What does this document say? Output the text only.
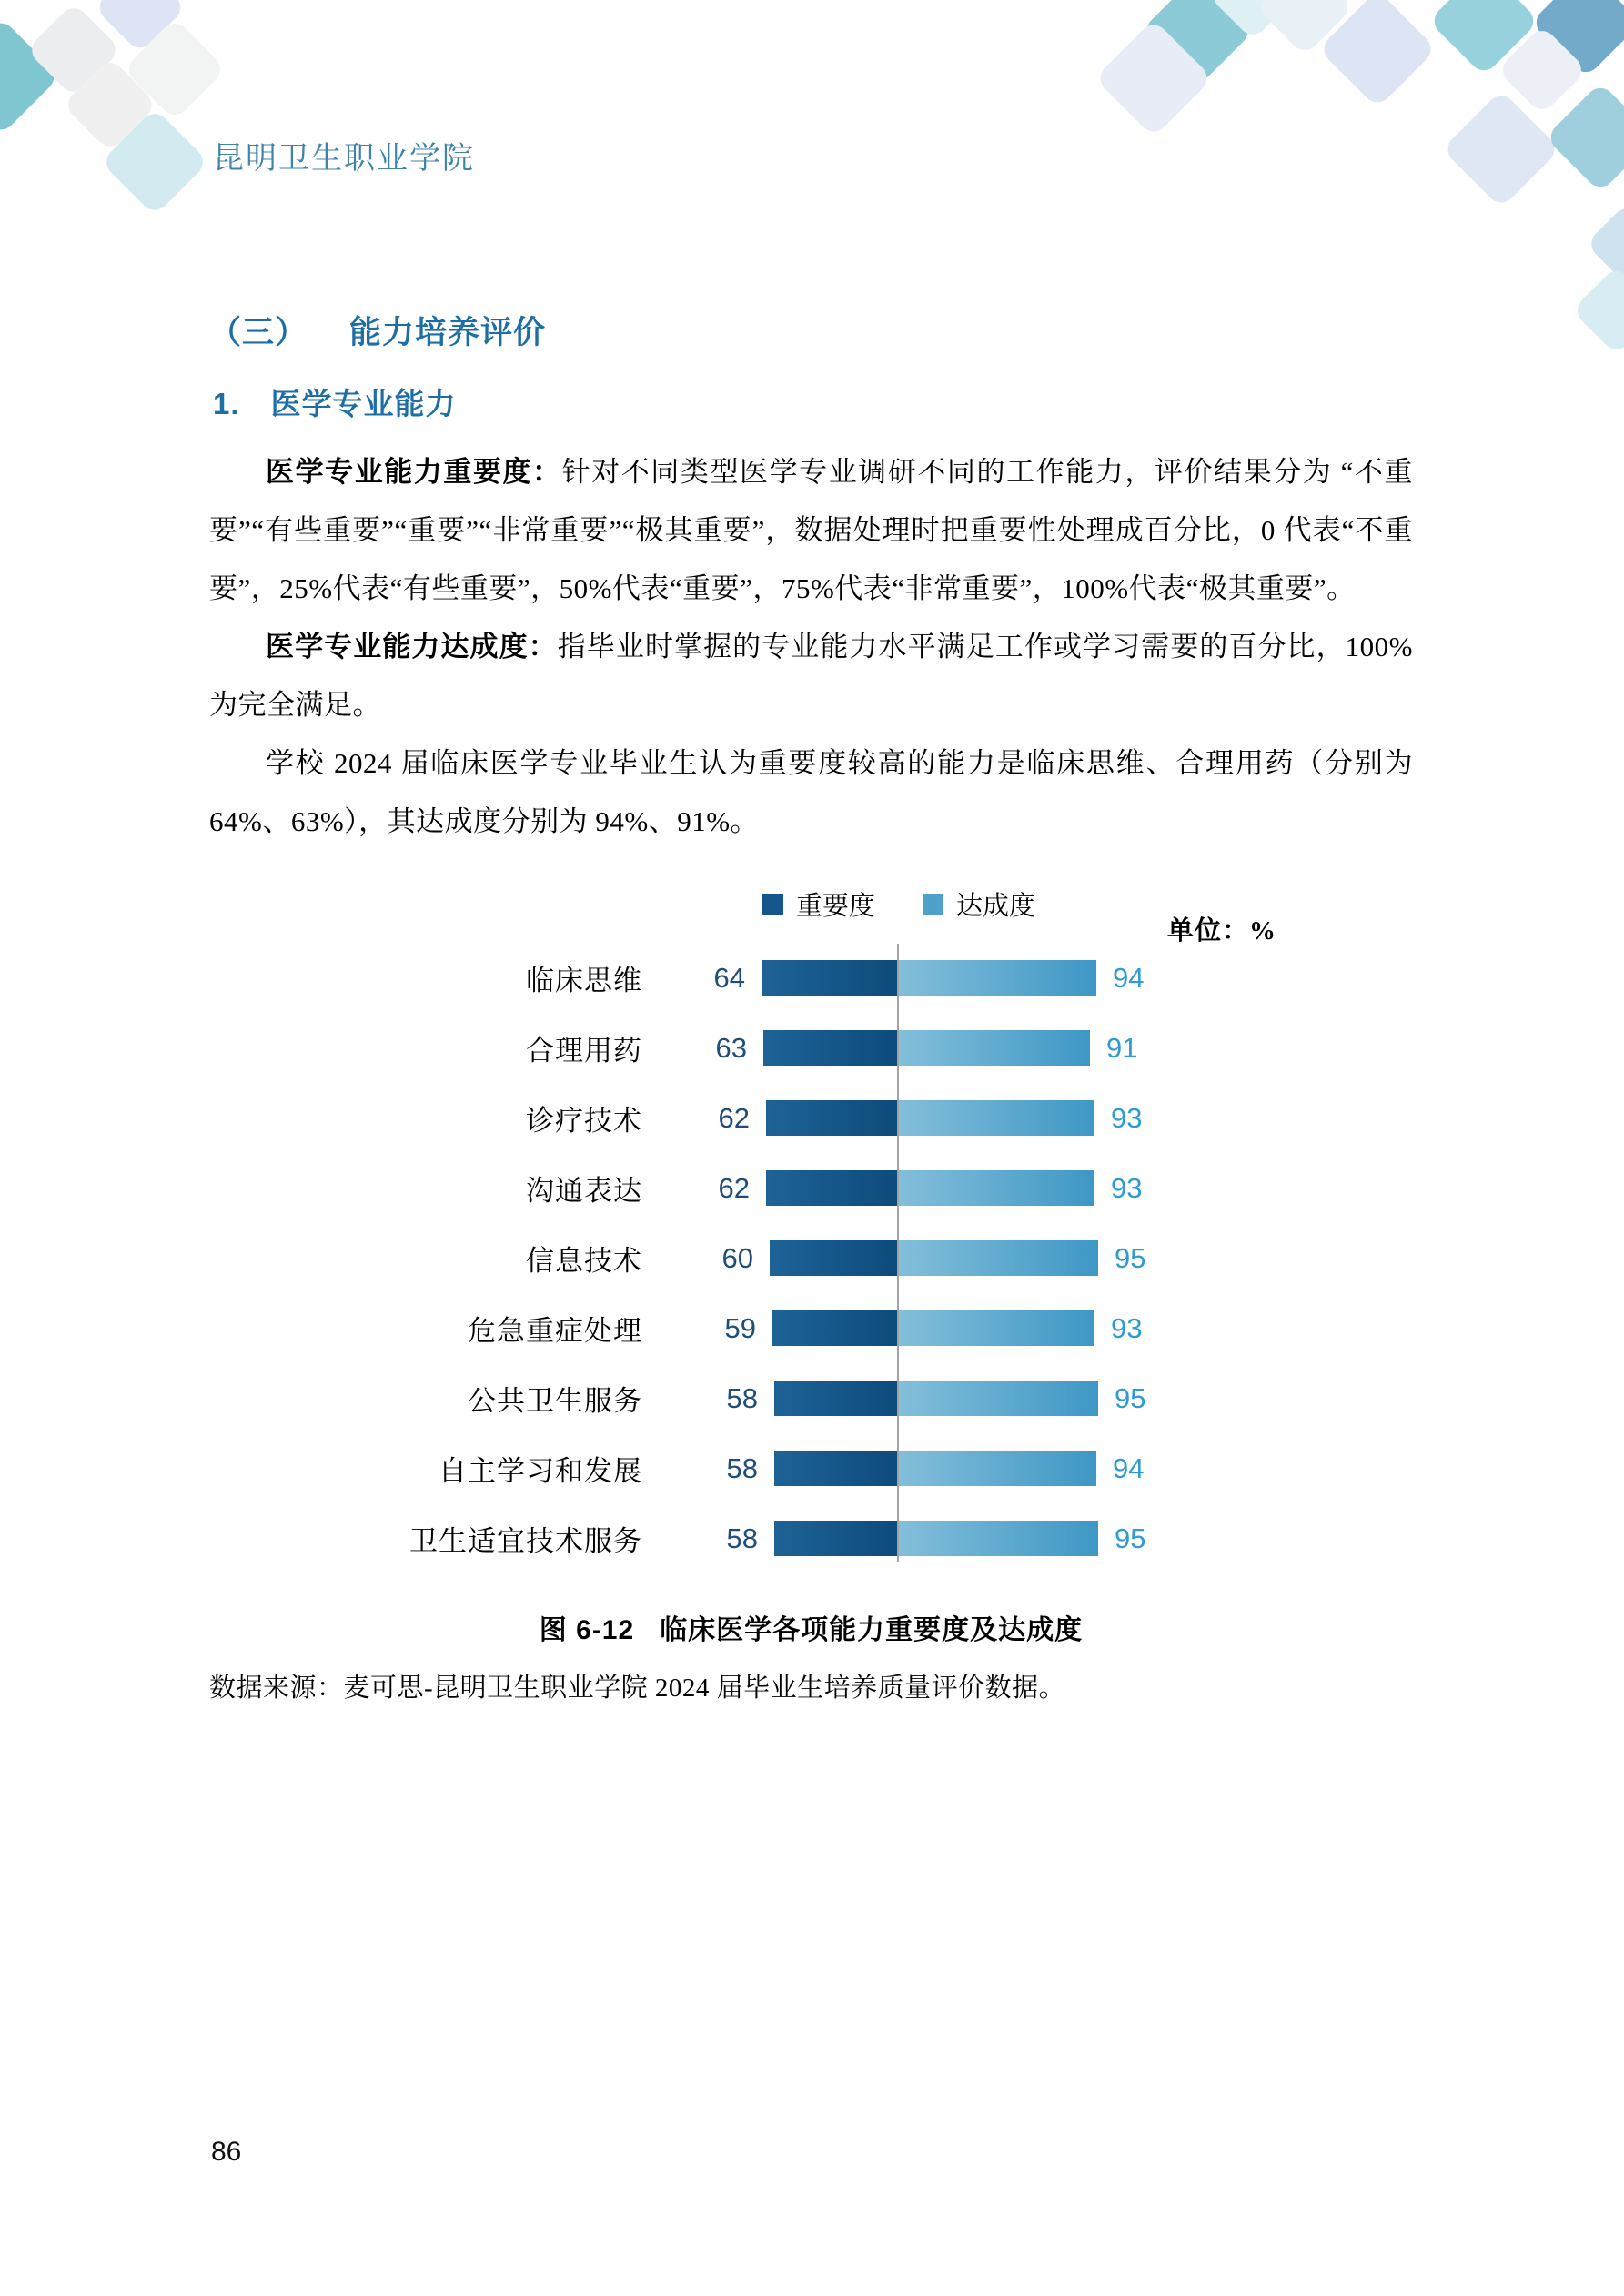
昆明卫生职业学院
（三） 能力培养评价
1. 医学专业能力

医学专业能力重要度：针对不同类型医学专业调研不同的工作能力，评价结果分为 “不重要”“有些重要”“重要”“非常重要”“极其重要”，数据处理时把重要性处理成百分比，0 代表“不重要”，25%代表“有些重要”，50%代表“重要”，75%代表“非常重要”，100%代表“极其重要”。

医学专业能力达成度：指毕业时掌握的专业能力水平满足工作或学习需要的百分比，100%为完全满足。

学校 2024 届临床医学专业毕业生认为重要度较高的能力是临床思维、合理用药（分别为 64%、63%），其达成度分别为 94%、91%。

重要度	达成度
单位：%
临床思维	64	94
合理用药	63	91
诊疗技术	62	93
沟通表达	62	93
信息技术	60	95
危急重症处理	59	93
公共卫生服务	58	95
自主学习和发展	58	94
卫生适宜技术服务	58	95
图 6-12 临床医学各项能力重要度及达成度
数据来源：麦可思-昆明卫生职业学院 2024 届毕业生培养质量评价数据。
86
